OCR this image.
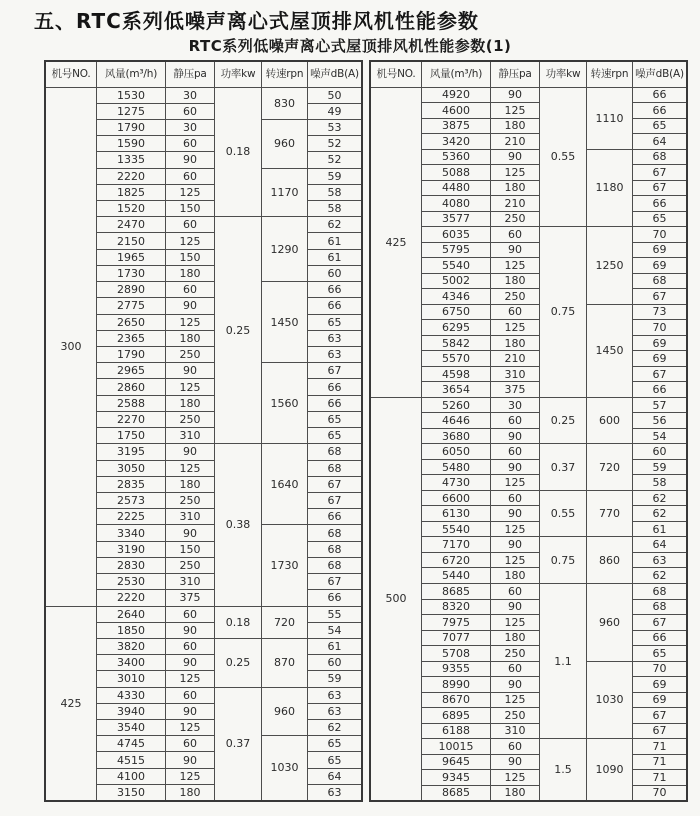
五、RTC系列低噪声离心式屋顶排风机性能参数
RTC系列低噪声离心式屋顶排风机性能参数(1)
机号NO.	风量(m³/h)	静压pa	功率kw	转速rpn	噪声dB(A)
300	1530	30	0.18	830	50
	1275	60			49
	1790	30		960	53
	1590	60			52
	1335	90			52
	2220	60		1170	59
	1825	125			58
	1520	150			58
	2470	60	0.25	1290	62
	2150	125			61
	1965	150			61
	1730	180			60
	2890	60		1450	66
	2775	90			66
	2650	125			65
	2365	180			63
	1790	250			63
	2965	90		1560	67
	2860	125			66
	2588	180			66
	2270	250			65
	1750	310			65
	3195	90	0.38	1640	68
	3050	125			68
	2835	180			67
	2573	250			67
	2225	310			66
	3340	90		1730	68
	3190	150			68
	2830	250			68
	2530	310			67
	2220	375			66
425	2640	60	0.18	720	55
	1850	90			54
	3820	60	0.25	870	61
	3400	90			60
	3010	125			59
	4330	60	0.37	960	63
	3940	90			63
	3540	125			62
	4745	60		1030	65
	4515	90			65
	4100	125			64
	3150	180			63
机号NO.	风量(m³/h)	静压pa	功率kw	转速rpn	噪声dB(A)
425	4920	90	0.55	1110	66
	4600	125			66
	3875	180			65
	3420	210			64
	5360	90		1180	68
	5088	125			67
	4480	180			67
	4080	210			66
	3577	250			65
	6035	60	0.75	1250	70
	5795	90			69
	5540	125			69
	5002	180			68
	4346	250			67
	6750	60		1450	73
	6295	125			70
	5842	180			69
	5570	210			69
	4598	310			67
	3654	375			66
500	5260	30	0.25	600	57
	4646	60			56
	3680	90			54
	6050	60	0.37	720	60
	5480	90			59
	4730	125			58
	6600	60	0.55	770	62
	6130	90			62
	5540	125			61
	7170	90	0.75	860	64
	6720	125			63
	5440	180			62
	8685	60	1.1	960	68
	8320	90			68
	7975	125			67
	7077	180			66
	5708	250			65
	9355	60		1030	70
	8990	90			69
	8670	125			69
	6895	250			67
	6188	310			67
	10015	60	1.5	1090	71
	9645	90			71
	9345	125			71
	8685	180			70
